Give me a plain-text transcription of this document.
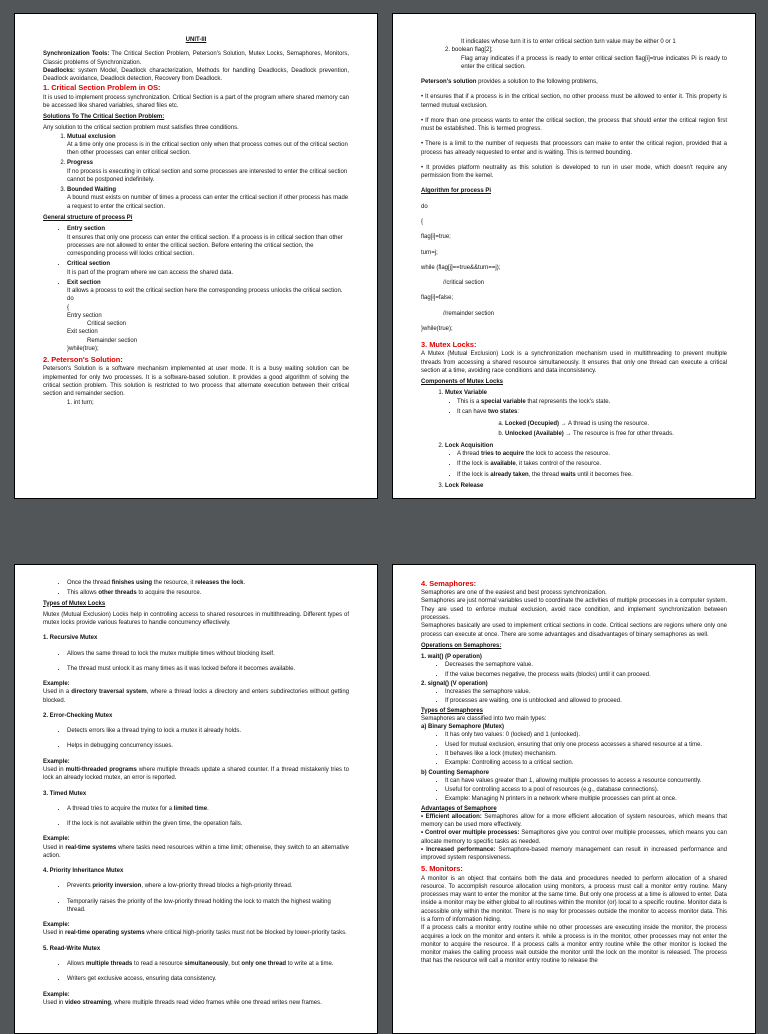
UNIT-III

Synchronization Tools: The Critical Section Problem, Peterson's Solution, Mutex Locks, Semaphores, Monitors, Classic problems of Synchronization.
Deadlocks: system Model, Deadlock characterization, Methods for handling Deadlocks, Deadlock prevention, Deadlock avoidance, Deadlock detection, Recovery from Deadlock.

1. Critical Section Problem in OS:

It is used to implement process synchronization. Critical Section is a part of the program where shared memory can be accessed like shared variables, shared files etc.

Solutions To The Critical Section Problem:

Any solution to the critical section problem must satisfies three conditions.

1. Mutual exclusion
At a time only one process is in the critical section only when that process comes out of the critical section then other processes can enter critical section.
2. Progress
If no process is executing in critical section and some processes are interested to enter the critical section cannot be postponed indefinitely.
3. Bounded Waiting
A bound must exists on number of times a process can enter the critical section if other process has made a request to enter the critical section.
General structure of process Pi
• Entry section
It ensures that only one process can enter the critical section. If a process is in critical section than other processes are not allowed to enter the critical section. Before entering the critical section, the corresponding process will locks critical section.
• Critical section
It is part of the program where we can access the shared data.
• Exit section
It allows a process to exit the critical section here the corresponding process unlocks the critical section.
do
{
Entry section
Critical section
Exit section
Remainder section
}while(true);
2. Peterson's Solution:

Peterson's Solution is a software mechanism implemented at user mode. It is a busy waiting solution can be implemented for only two processes. It is a software-based solution. It provides a good algorithm of solving the critical section problem. This solution is restricted to two process that alternate execution between their critical section and remainder section.

1. int turn;
It indicates whose turn it is to enter critical section turn value may be either 0 or 1
2. boolean flag[2];

Flag array indicates if a process is ready to enter critical section flag[i]=true indicates Pi is ready to enter the critical section.

Peterson's solution provides a solution to the following problems,

• It ensures that if a process is in the critical section, no other process must be allowed to enter it. This property is termed mutual exclusion.

• If more than one process wants to enter the critical section, the process that should enter the critical region first must be established. This is termed progress.

• There is a limit to the number of requests that processors can make to enter the critical region, provided that a process has already requested to enter and is waiting. This is termed bounding.

• It provides platform neutrality as this solution is developed to run in user mode, which doesn't require any permission from the kernel.

Algorithm for process Pi
do
{
flag[i]=true;
turn=j;
while (flag[j]==true&&turn==j);
//critical section
flag[i]=false;
//remainder section
}while(true);
3. Mutex Locks:

A Mutex (Mutual Exclusion) Lock is a synchronization mechanism used in multithreading to prevent multiple threads from accessing a shared resource simultaneously. It ensures that only one thread can execute a critical section at a time, avoiding race conditions and data inconsistency.

Components of Mutex Locks
1. Mutex Variable
• This is a special variable that represents the lock's state.
• It can have two states:
a. Locked (Occupied) → A thread is using the resource.
b. Unlocked (Available) → The resource is free for other threads.
2. Lock Acquisition
• A thread tries to acquire the lock to access the resource.
• If the lock is available, it takes control of the resource.
• If the lock is already taken, the thread waits until it becomes free.
3. Lock Release
• Once the thread finishes using the resource, it releases the lock.
• This allows other threads to acquire the resource.
Types of Mutex Locks

Mutex (Mutual Exclusion) Locks help in controlling access to shared resources in multithreading. Different types of mutex locks provide various features to handle concurrency effectively.

1. Recursive Mutex
• Allows the same thread to lock the mutex multiple times without blocking itself.
• The thread must unlock it as many times as it was locked before it becomes available.
Example:

Used in a directory traversal system, where a thread locks a directory and enters subdirectories without getting blocked.

2. Error-Checking Mutex
• Detects errors like a thread trying to lock a mutex it already holds.
• Helps in debugging concurrency issues.
Example:

Used in multi-threaded programs where multiple threads update a shared counter. If a thread mistakenly tries to lock an already locked mutex, an error is reported.

3. Timed Mutex
• A thread tries to acquire the mutex for a limited time.
• If the lock is not available within the given time, the operation fails.
Example:

Used in real-time systems where tasks need resources within a time limit; otherwise, they switch to an alternative action.

4. Priority Inheritance Mutex
• Prevents priority inversion, where a low-priority thread blocks a high-priority thread.
• Temporarily raises the priority of the low-priority thread holding the lock to match the highest waiting thread.
Example:

Used in real-time operating systems where critical high-priority tasks must not be blocked by lower-priority tasks.

5. Read-Write Mutex
• Allows multiple threads to read a resource simultaneously, but only one thread to write at a time.
• Writers get exclusive access, ensuring data consistency.
Example:

Used in video streaming, where multiple threads read video frames while one thread writes new frames.

4. Semaphores:
Semaphores are one of the easiest and best process synchronization.

Semaphores are just normal variables used to coordinate the activities of multiple processes in a computer system. They are used to enforce mutual exclusion, avoid race condition, and implement synchronization between processes.

Semaphores basically are used to implement critical sections in code. Critical sections are regions where only one process can execute at once. There are some advantages and disadvantages of binary semaphores as well.

Operations on Semaphores:
1. wait() (P operation)
• Decreases the semaphore value.
• If the value becomes negative, the process waits (blocks) until it can proceed.
2. signal() (V operation)
• Increases the semaphore value.
• If processes are waiting, one is unblocked and allowed to proceed.
Types of Semaphores
Semaphores are classified into two main types:
a) Binary Semaphore (Mutex)
• It has only two values: 0 (locked) and 1 (unlocked).
• Used for mutual exclusion, ensuring that only one process accesses a shared resource at a time.
• It behaves like a lock (mutex) mechanism.
• Example: Controlling access to a critical section.
b) Counting Semaphore
• It can have values greater than 1, allowing multiple processes to access a resource concurrently.
• Useful for controlling access to a pool of resources (e.g., database connections).
• Example: Managing N printers in a network where multiple processes can print at once.
Advantages of Semaphore

• Efficient allocation: Semaphores allow for a more efficient allocation of system resources, which means that memory can be used more effectively.

• Control over multiple processes: Semaphores give you control over multiple processes, which means you can allocate memory to specific tasks as needed.

• Increased performance: Semaphore-based memory management can result in increased performance and improved system responsiveness.

5. Monitors:

A monitor is an object that contains both the data and procedures needed to perform allocation of a shared resource. To accomplish resource allocation using monitors, a process must call a monitor entry routine. Many processes may want to enter the monitor at the same time. But only one process at a time is allowed to enter. Data inside a monitor may be either global to all routines within the monitor (or) local to a specific routine. Monitor data is accessible only within the monitor. There is no way for processes outside the monitor to access monitor data. This is a form of information hiding.

If a process calls a monitor entry routine while no other processes are executing inside the monitor, the process acquires a lock on the monitor and enters it. while a process is in the monitor, other processes may not enter the monitor to acquire the resource. If a process calls a monitor entry routine while the other monitor is locked the monitor makes the calling process wait outside the monitor until the lock on the monitor is released. The process that has the resource will call a monitor entry routine to release the
